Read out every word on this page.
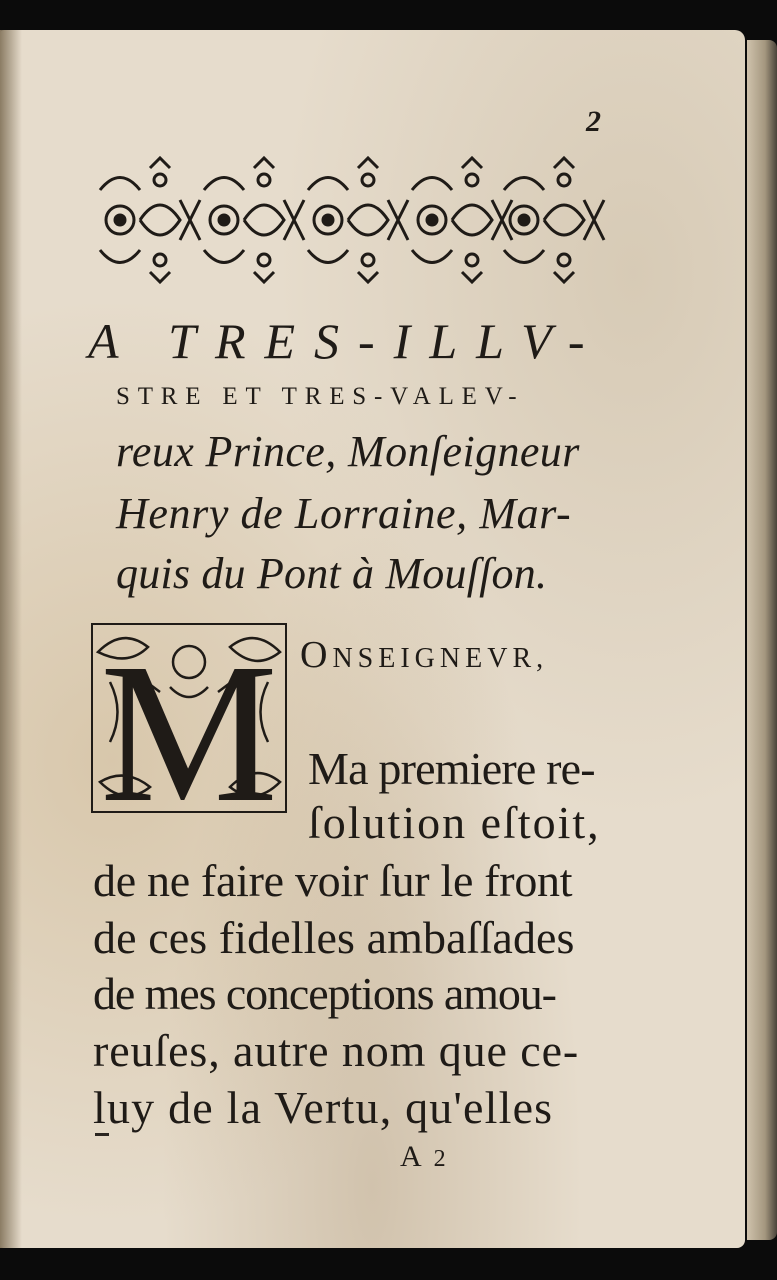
2
A TRES-ILLV-
STRE ET TRES-VALEV-
reux Prince, Monſeigneur
Henry de Lorraine, Mar-
quis du Pont à Mouſſon.
M ONSEIGNEVR,
Ma premiere re-
ſolution eſtoit,
de ne faire voir ſur le front
de ces fidelles ambaſſades
de mes conceptions amou-
reuſes, autre nom que ce-
luy de la Vertu, qu'elles
A2
